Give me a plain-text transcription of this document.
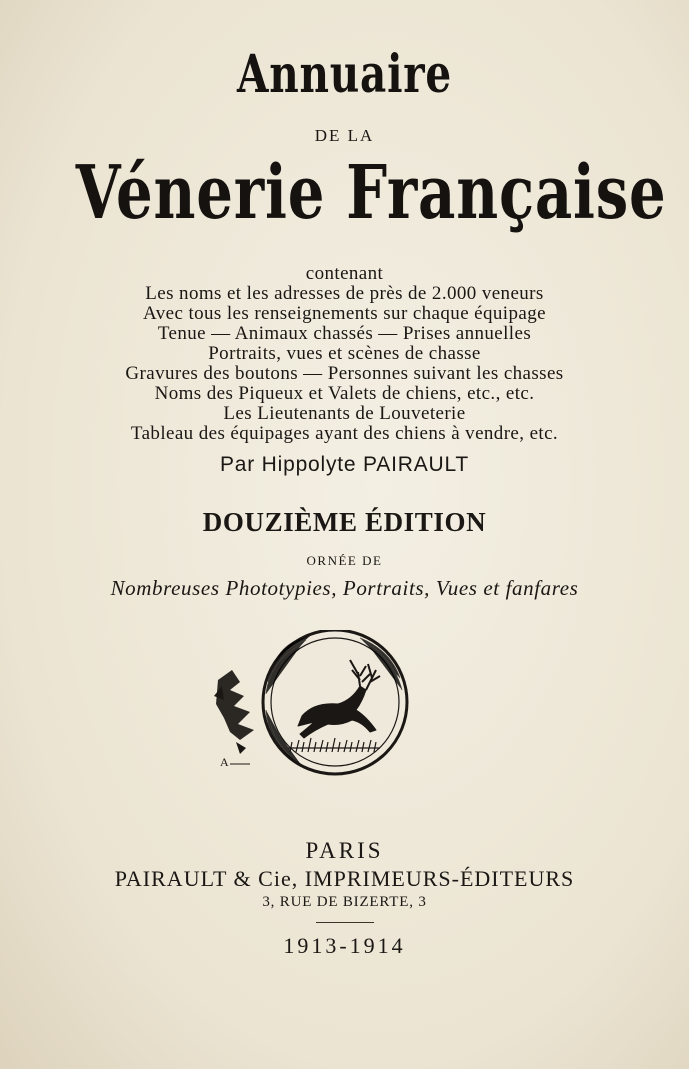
Annuaire
DE LA
Vénerie Française
contenant
Les noms et les adresses de près de 2.000 veneurs
Avec tous les renseignements sur chaque équipage
Tenue — Animaux chassés — Prises annuelles
Portraits, vues et scènes de chasse
Gravures des boutons — Personnes suivant les chasses
Noms des Piqueux et Valets de chiens, etc., etc.
Les Lieutenants de Louveterie
Tableau des équipages ayant des chiens à vendre, etc.
Par Hippolyte PAIRAULT
DOUZIÈME ÉDITION
ORNÉE DE
Nombreuses Phototypies, Portraits, Vues et fanfares
A
PARIS
PAIRAULT & Cie, IMPRIMEURS-ÉDITEURS
3, RUE DE BIZERTE, 3
1913-1914
